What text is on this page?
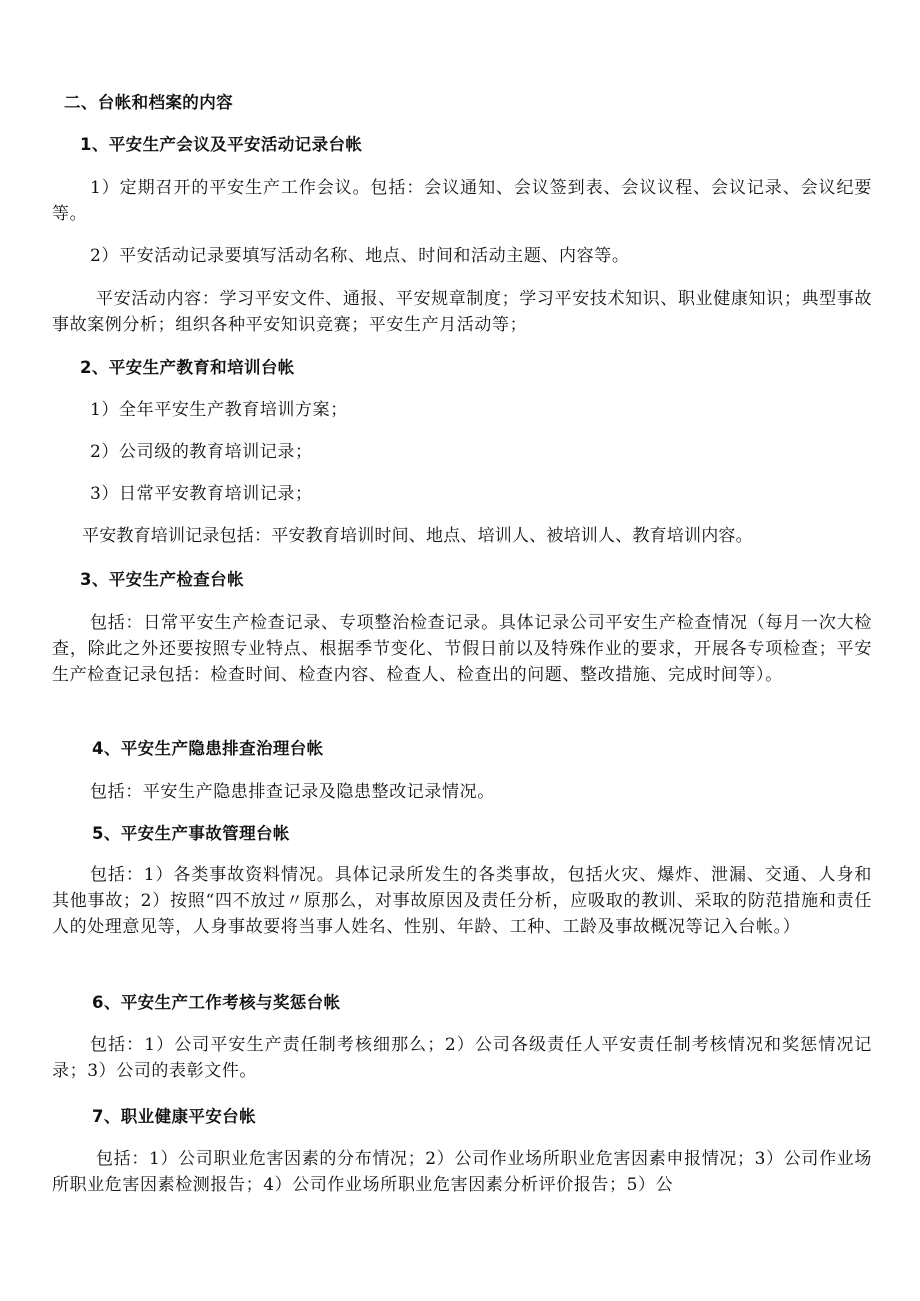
二、台帐和档案的内容
1、平安生产会议及平安活动记录台帐
1）定期召开的平安生产工作会议。包括：会议通知、会议签到表、会议议程、会议记录、会议纪要等。
2）平安活动记录要填写活动名称、地点、时间和活动主题、内容等。
平安活动内容：学习平安文件、通报、平安规章制度；学习平安技术知识、职业健康知识；典型事故事故案例分析；组织各种平安知识竞赛；平安生产月活动等；
2、平安生产教育和培训台帐
1）全年平安生产教育培训方案；
2）公司级的教育培训记录；
3）日常平安教育培训记录；
平安教育培训记录包括：平安教育培训时间、地点、培训人、被培训人、教育培训内容。
3、平安生产检查台帐
包括：日常平安生产检查记录、专项整治检查记录。具体记录公司平安生产检查情况（每月一次大检查，除此之外还要按照专业特点、根据季节变化、节假日前以及特殊作业的要求，开展各专项检查；平安生产检查记录包括：检查时间、检查内容、检查人、检查出的问题、整改措施、完成时间等）。
4、平安生产隐患排查治理台帐
包括：平安生产隐患排查记录及隐患整改记录情况。
5、平安生产事故管理台帐
包括：1）各类事故资料情况。具体记录所发生的各类事故，包括火灾、爆炸、泄漏、交通、人身和其他事故；2）按照“四不放过〃原那么，对事故原因及责任分析，应吸取的教训、采取的防范措施和责任人的处理意见等，人身事故要将当事人姓名、性别、年龄、工种、工龄及事故概况等记入台帐。）
6、平安生产工作考核与奖惩台帐
包括：1）公司平安生产责任制考核细那么；2）公司各级责任人平安责任制考核情况和奖惩情况记录；3）公司的表彰文件。
7、职业健康平安台帐
包括：1）公司职业危害因素的分布情况；2）公司作业场所职业危害因素申报情况；3）公司作业场所职业危害因素检测报告；4）公司作业场所职业危害因素分析评价报告；5）公
